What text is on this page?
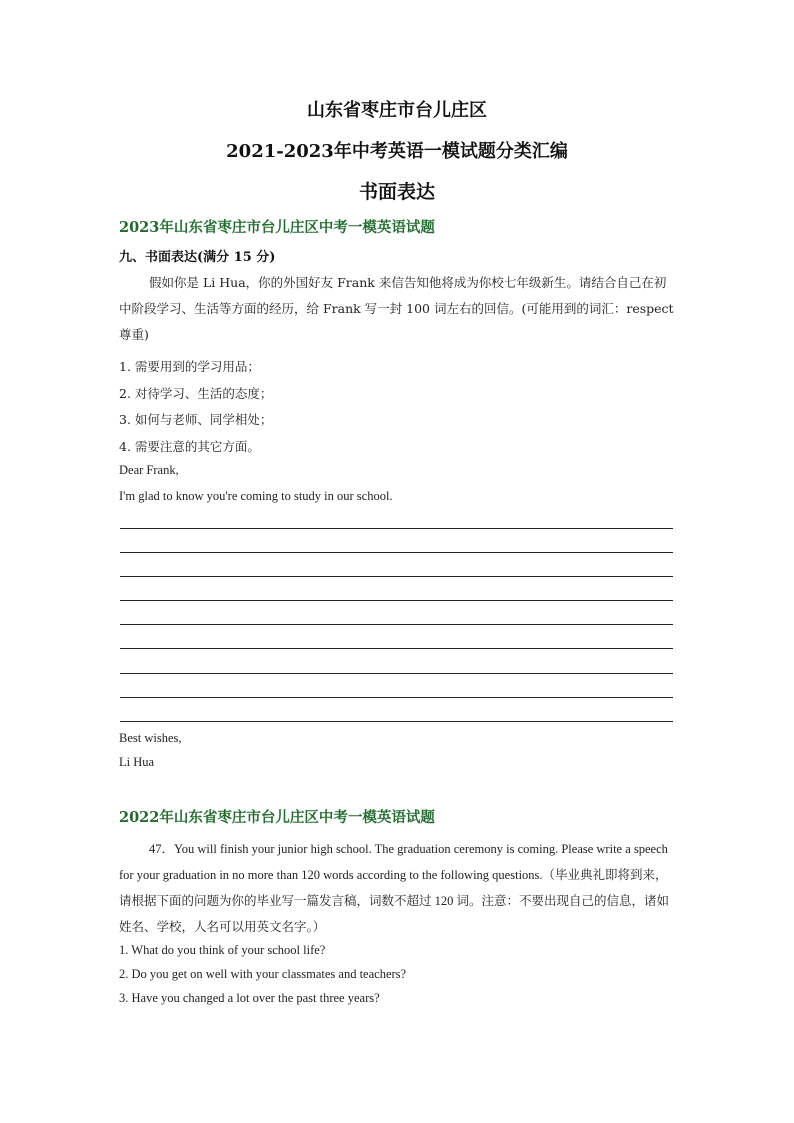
山东省枣庄市台儿庄区
2021-2023年中考英语一模试题分类汇编
书面表达
2023年山东省枣庄市台儿庄区中考一模英语试题
九、书面表达(满分 15 分)
假如你是 Li Hua，你的外国好友 Frank 来信告知他将成为你校七年级新生。请结合自己在初中阶段学习、生活等方面的经历，给 Frank 写一封 100 词左右的回信。(可能用到的词汇：respect 尊重)
1. 需要用到的学习用品；
2. 对待学习、生活的态度；
3. 如何与老师、同学相处；
4. 需要注意的其它方面。
Dear Frank,
I'm glad to know you're coming to study in our school.
Best wishes,
Li Hua
2022年山东省枣庄市台儿庄区中考一模英语试题
47．You will finish your junior high school. The graduation ceremony is coming. Please write a speech for your graduation in no more than 120 words according to the following questions.（毕业典礼即将到来，请根据下面的问题为你的毕业写一篇发言稿，词数不超过 120 词。注意：不要出现自己的信息，诸如姓名、学校，人名可以用英文名字。）
1. What do you think of your school life?
2. Do you get on well with your classmates and teachers?
3. Have you changed a lot over the past three years?
